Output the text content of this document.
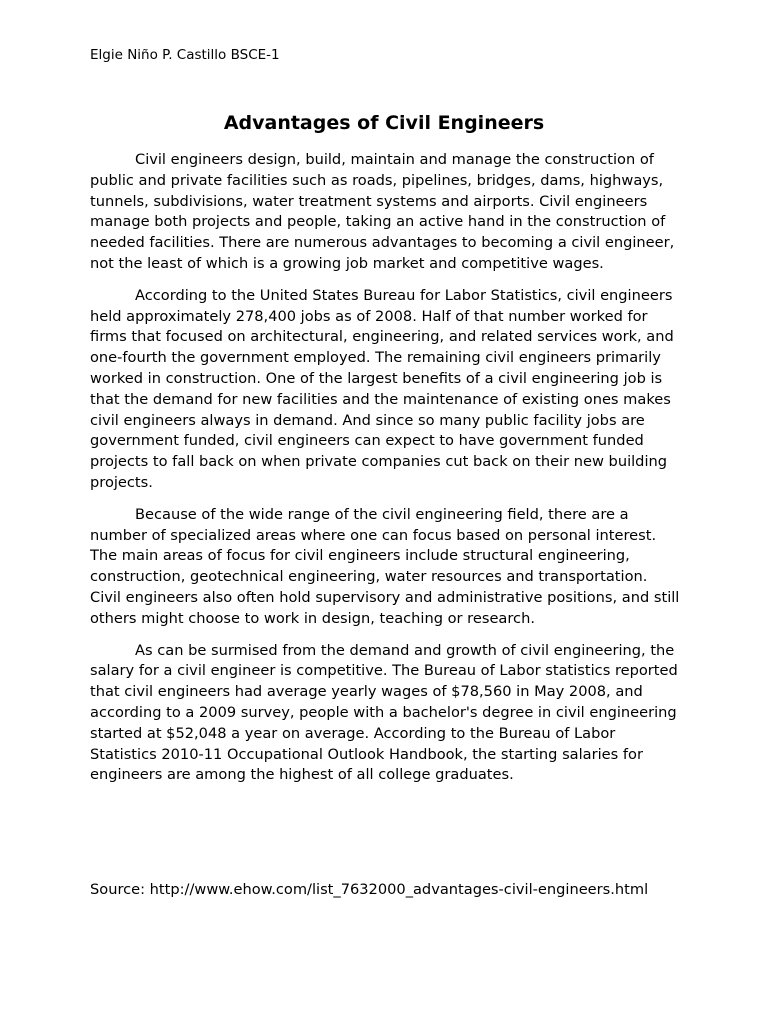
Elgie Niño P. Castillo BSCE-1
Advantages of Civil Engineers

Civil engineers design, build, maintain and manage the construction of public and private facilities such as roads, pipelines, bridges, dams, highways, tunnels, subdivisions, water treatment systems and airports. Civil engineers manage both projects and people, taking an active hand in the construction of needed facilities. There are numerous advantages to becoming a civil engineer, not the least of which is a growing job market and competitive wages.

According to the United States Bureau for Labor Statistics, civil engineers held approximately 278,400 jobs as of 2008. Half of that number worked for firms that focused on architectural, engineering, and related services work, and one-fourth the government employed. The remaining civil engineers primarily worked in construction. One of the largest benefits of a civil engineering job is that the demand for new facilities and the maintenance of existing ones makes civil engineers always in demand. And since so many public facility jobs are government funded, civil engineers can expect to have government funded projects to fall back on when private companies cut back on their new building projects.

Because of the wide range of the civil engineering field, there are a number of specialized areas where one can focus based on personal interest. The main areas of focus for civil engineers include structural engineering, construction, geotechnical engineering, water resources and transportation. Civil engineers also often hold supervisory and administrative positions, and still others might choose to work in design, teaching or research.

As can be surmised from the demand and growth of civil engineering, the salary for a civil engineer is competitive. The Bureau of Labor statistics reported that civil engineers had average yearly wages of $78,560 in May 2008, and according to a 2009 survey, people with a bachelor's degree in civil engineering started at $52,048 a year on average. According to the Bureau of Labor Statistics 2010-11 Occupational Outlook Handbook, the starting salaries for engineers are among the highest of all college graduates.

Source: http://www.ehow.com/list_7632000_advantages-civil-engineers.html
